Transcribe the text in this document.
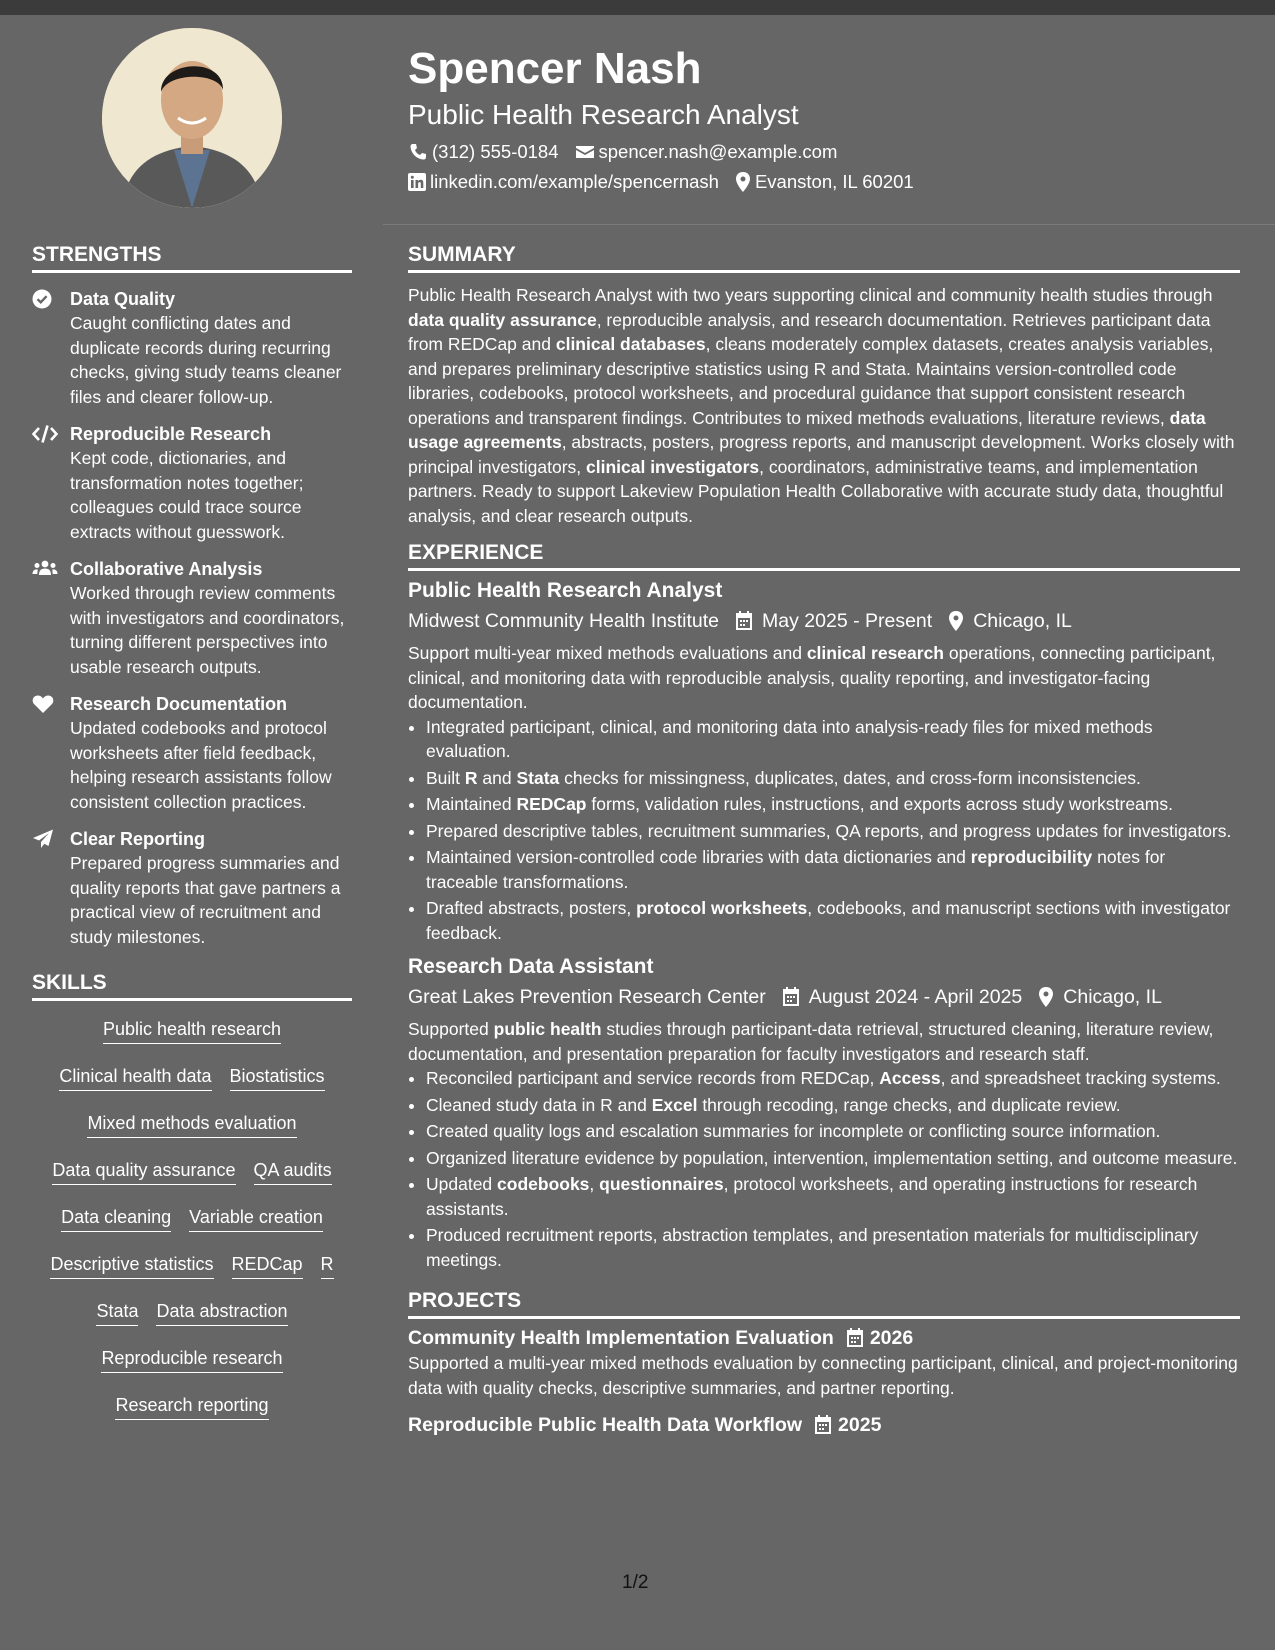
Spencer Nash
Public Health Research Analyst
(312) 555-0184 spencer.nash@example.com
linkedin.com/example/spencernash Evanston, IL 60201
STRENGTHS
Data Quality
Caught conflicting dates and duplicate records during recurring checks, giving study teams cleaner files and clearer follow-up.
Reproducible Research
Kept code, dictionaries, and transformation notes together; colleagues could trace source extracts without guesswork.
Collaborative Analysis
Worked through review comments with investigators and coordinators, turning different perspectives into usable research outputs.
Research Documentation
Updated codebooks and protocol worksheets after field feedback, helping research assistants follow consistent collection practices.
Clear Reporting
Prepared progress summaries and quality reports that gave partners a practical view of recruitment and study milestones.
SKILLS
Public health research
Clinical health data Biostatistics
Mixed methods evaluation
Data quality assurance QA audits
Data cleaning Variable creation
Descriptive statistics REDCap R
Stata Data abstraction
Reproducible research
Research reporting
SUMMARY

Public Health Research Analyst with two years supporting clinical and community health studies through data quality assurance, reproducible analysis, and research documentation. Retrieves participant data from REDCap and clinical databases, cleans moderately complex datasets, creates analysis variables, and prepares preliminary descriptive statistics using R and Stata. Maintains version-controlled code libraries, codebooks, protocol worksheets, and procedural guidance that support consistent research operations and transparent findings. Contributes to mixed methods evaluations, literature reviews, data usage agreements, abstracts, posters, progress reports, and manuscript development. Works closely with principal investigators, clinical investigators, coordinators, administrative teams, and implementation partners. Ready to support Lakeview Population Health Collaborative with accurate study data, thoughtful analysis, and clear research outputs.

EXPERIENCE
Public Health Research Analyst
Midwest Community Health Institute May 2025 - Present Chicago, IL

Support multi-year mixed methods evaluations and clinical research operations, connecting participant, clinical, and monitoring data with reproducible analysis, quality reporting, and investigator-facing documentation.

• Integrated participant, clinical, and monitoring data into analysis-ready files for mixed methods evaluation.
• Built R and Stata checks for missingness, duplicates, dates, and cross-form inconsistencies.
• Maintained REDCap forms, validation rules, instructions, and exports across study workstreams.
• Prepared descriptive tables, recruitment summaries, QA reports, and progress updates for investigators.
• Maintained version-controlled code libraries with data dictionaries and reproducibility notes for traceable transformations.
• Drafted abstracts, posters, protocol worksheets, codebooks, and manuscript sections with investigator feedback.
Research Data Assistant
Great Lakes Prevention Research Center August 2024 - April 2025 Chicago, IL

Supported public health studies through participant-data retrieval, structured cleaning, literature review, documentation, and presentation preparation for faculty investigators and research staff.

• Reconciled participant and service records from REDCap, Access, and spreadsheet tracking systems.
• Cleaned study data in R and Excel through recoding, range checks, and duplicate review.
• Created quality logs and escalation summaries for incomplete or conflicting source information.
• Organized literature evidence by population, intervention, implementation setting, and outcome measure.
• Updated codebooks, questionnaires, protocol worksheets, and operating instructions for research assistants.
• Produced recruitment reports, abstraction templates, and presentation materials for multidisciplinary meetings.
PROJECTS
Community Health Implementation Evaluation 2026

Supported a multi-year mixed methods evaluation by connecting participant, clinical, and project-monitoring data with quality checks, descriptive summaries, and partner reporting.

Reproducible Public Health Data Workflow 2025
1/2
